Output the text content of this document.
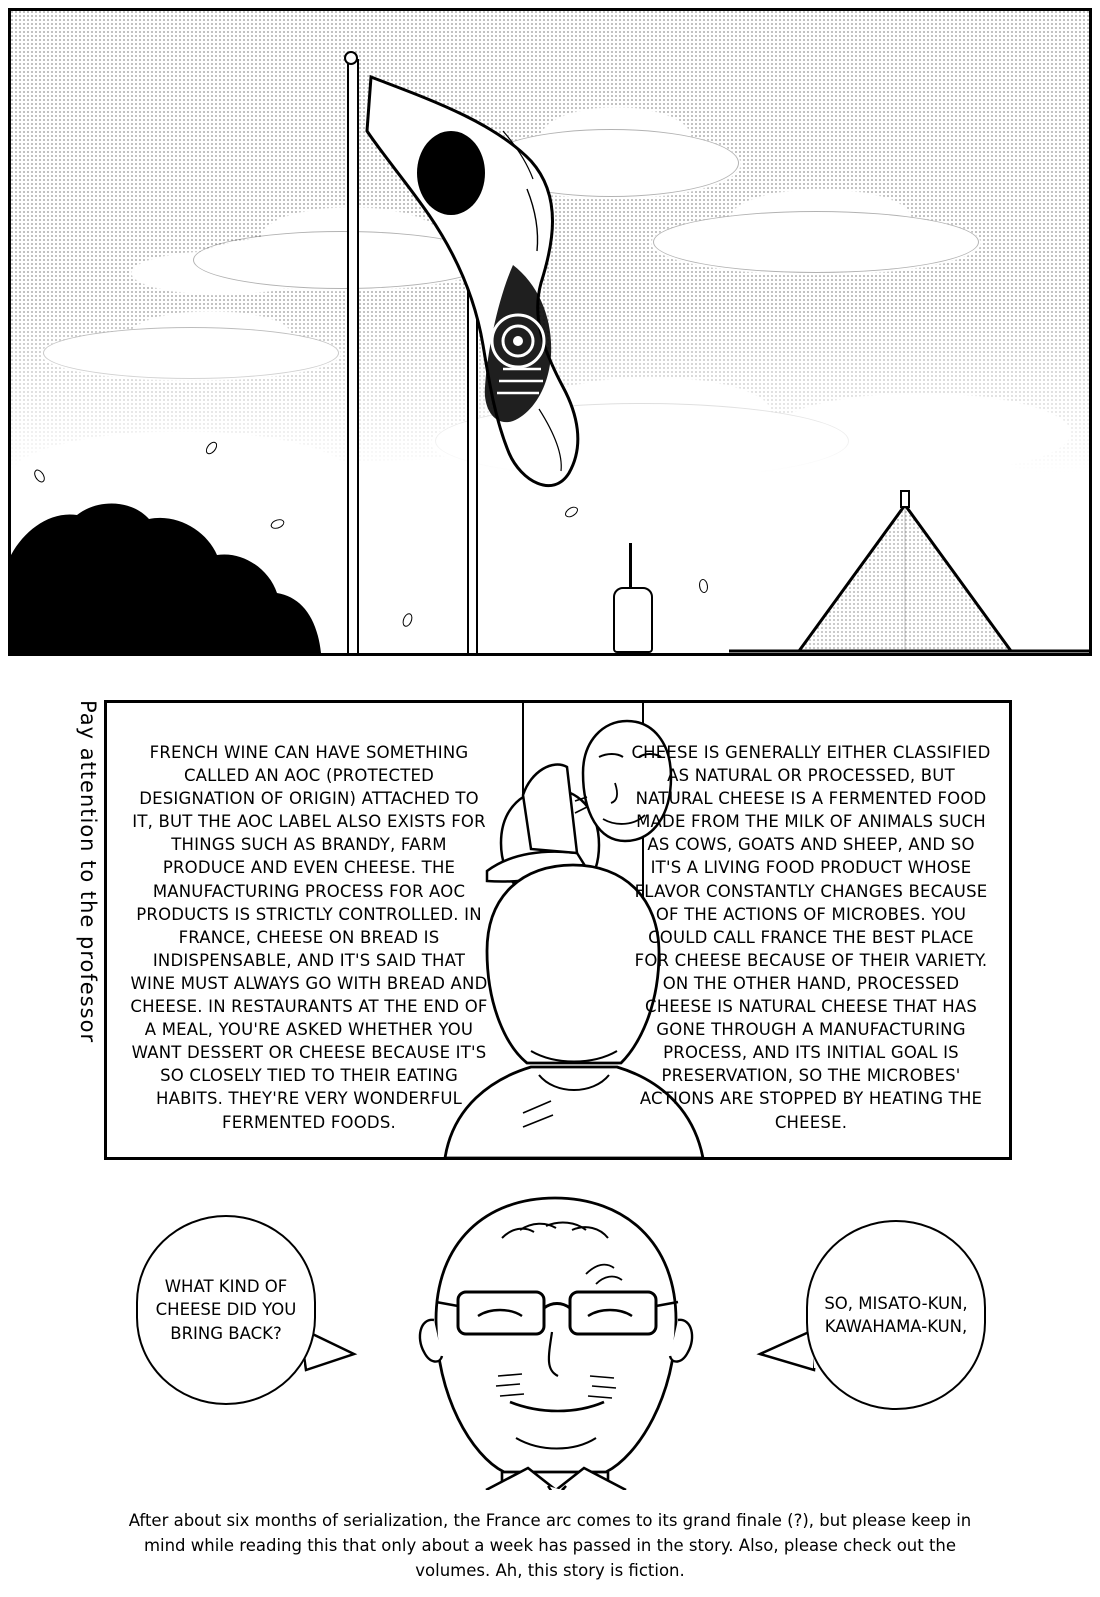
Pay attention to the professor	FRENCH WINE CAN HAVE SOMETHING CALLED AN AOC (PROTECTED DESIGNATION OF ORIGIN) ATTACHED TO IT, BUT THE AOC LABEL ALSO EXISTS FOR THINGS SUCH AS BRANDY, FARM PRODUCE AND EVEN CHEESE. THE MANUFACTURING PROCESS FOR AOC PRODUCTS IS STRICTLY CONTROLLED. IN FRANCE, CHEESE ON BREAD IS INDISPENSABLE, AND IT'S SAID THAT WINE MUST ALWAYS GO WITH BREAD AND CHEESE. IN RESTAURANTS AT THE END OF A MEAL, YOU'RE ASKED WHETHER YOU WANT DESSERT OR CHEESE BECAUSE IT'S SO CLOSELY TIED TO THEIR EATING HABITS. THEY'RE VERY WONDERFUL FERMENTED FOODS.
CHEESE IS GENERALLY EITHER CLASSIFIED AS NATURAL OR PROCESSED, BUT NATURAL CHEESE IS A FERMENTED FOOD MADE FROM THE MILK OF ANIMALS SUCH AS COWS, GOATS AND SHEEP, AND SO IT'S A LIVING FOOD PRODUCT WHOSE FLAVOR CONSTANTLY CHANGES BECAUSE OF THE ACTIONS OF MICROBES. YOU COULD CALL FRANCE THE BEST PLACE FOR CHEESE BECAUSE OF THEIR VARIETY. ON THE OTHER HAND, PROCESSED CHEESE IS NATURAL CHEESE THAT HAS GONE THROUGH A MANUFACTURING PROCESS, AND ITS INITIAL GOAL IS PRESERVATION, SO THE MICROBES' ACTIONS ARE STOPPED BY HEATING THE CHEESE.
WHAT KIND OF CHEESE DID YOU BRING BACK?
SO, MISATO-KUN, KAWAHAMA-KUN,
After about six months of serialization, the France arc comes to its grand finale (?), but please keep in mind while reading this that only about a week has passed in the story. Also, please check out the volumes. Ah, this story is fiction.
